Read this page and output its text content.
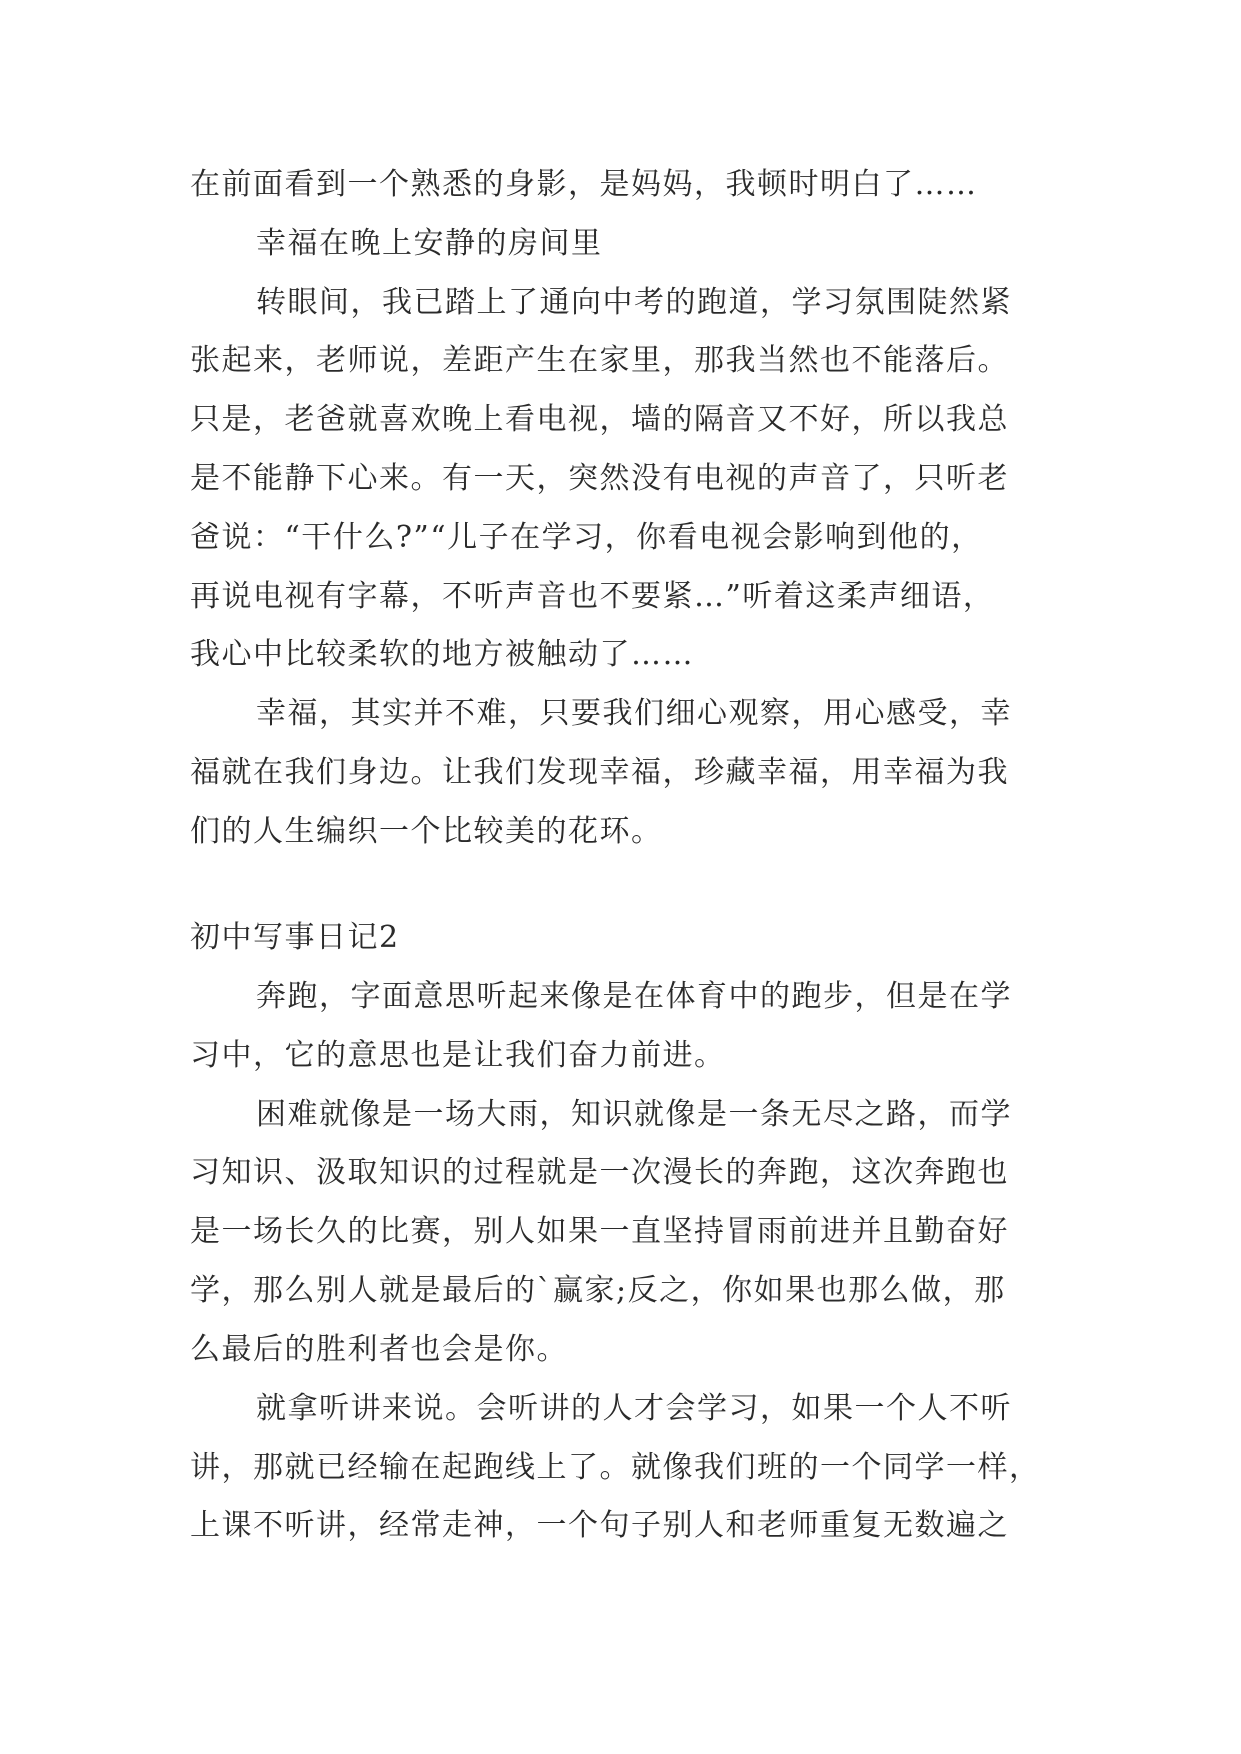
在前面看到一个熟悉的身影，是妈妈，我顿时明白了……
幸福在晚上安静的房间里
转眼间，我已踏上了通向中考的跑道，学习氛围陡然紧
张起来，老师说，差距产生在家里，那我当然也不能落后。
只是，老爸就喜欢晚上看电视，墙的隔音又不好，所以我总
是不能静下心来。有一天，突然没有电视的声音了，只听老
爸说：“干什么?”“儿子在学习，你看电视会影响到他的，
再说电视有字幕，不听声音也不要紧…”听着这柔声细语，
我心中比较柔软的地方被触动了……
幸福，其实并不难，只要我们细心观察，用心感受，幸
福就在我们身边。让我们发现幸福，珍藏幸福，用幸福为我
们的人生编织一个比较美的花环。
初中写事日记2
奔跑，字面意思听起来像是在体育中的跑步，但是在学
习中，它的意思也是让我们奋力前进。
困难就像是一场大雨，知识就像是一条无尽之路，而学
习知识、汲取知识的过程就是一次漫长的奔跑，这次奔跑也
是一场长久的比赛，别人如果一直坚持冒雨前进并且勤奋好
学，那么别人就是最后的`赢家;反之，你如果也那么做，那
么最后的胜利者也会是你。
就拿听讲来说。会听讲的人才会学习，如果一个人不听
讲，那就已经输在起跑线上了。就像我们班的一个同学一样，
上课不听讲，经常走神，一个句子别人和老师重复无数遍之
